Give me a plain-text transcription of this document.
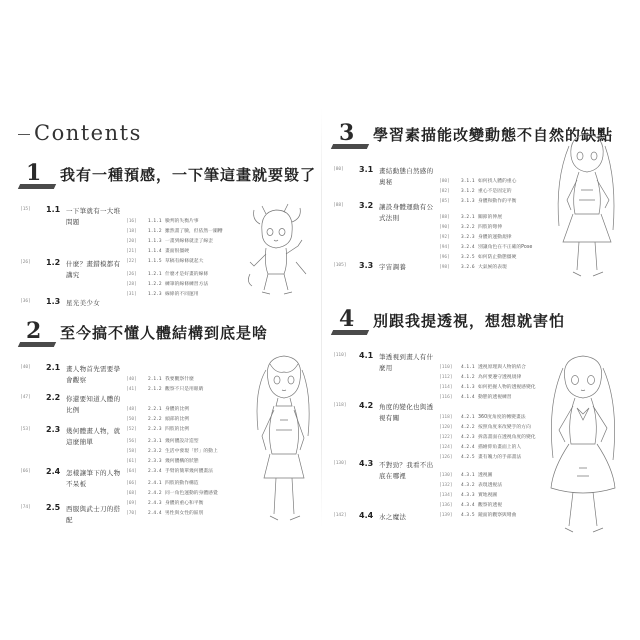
Contents
1 我有一種預感，一下筆這畫就要毀了
[15]	1.1 一下筆就有一大堆問題	[16] 1.1.1 臉判的失衡片事
[18] 1.1.2 雖然畫了臉，但依然一團糟
[20] 1.1.3 一畫到線條就歪了線歪
[21] 1.1.4 畫面很僵硬
[22] 1.1.5 草稿有線條就起大
[26]	1.2 什麼？畫錯模都有講究	[26] 1.2.1 什麼才是好畫的線條
[28] 1.2.2 練筆的線條練習方法
[31] 1.2.3 線條的不同運用
[36]	1.3 星光美少女
2 至今搞不懂人體結構到底是啥
[40]	2.1 畫人物首先需要學會觀察	[40] 2.1.1 我要觀察什麼
[41] 2.1.2 觀察不只是用眼睛
[47]	2.2 你還要知道人體的比例	[48] 2.2.1 身體的比例
[50] 2.2.2 頭部的比例
[52] 2.2.3 四肢的比例
[53]	2.3 幾何體畫人物，就這麼簡單	[56] 2.3.1 幾何體設計造型
[58] 2.3.2 生活中發現「形」的動上
[61] 2.3.3 幾何體構的狀態
[64] 2.3.4 手臂的簡單幾何體畫法
[66]	2.4 怎樣讓筆下的人物不呆板	[66] 2.4.1 四肢的動作構造
[68] 2.4.2 同一角色運動的身體感覺
[69] 2.4.3 身體的重心和平衡
[70] 2.4.4 男性與女性的區別
[74]	2.5 西服與武士刀的搭配
3 學習素描能改變動態不自然的缺點
[80]	3.1 畫結動態自然感的奧秘	[80] 3.1.1 如何找人體的重心
[82] 3.1.2 重心不是固定的
[85] 3.1.3 身體和動作的平衡
[88]	3.2 讓設身體運動有公式法則	[88] 3.2.1 關節的伸展
[90] 3.2.2 四肢的彎伸
[92] 3.2.3 身體的運動規律
[94] 3.2.4 別讓角色在不正確的Pose
[96] 3.2.5 如何防止動態僵硬
[98] 3.2.6 大氣候的表現
[105]	3.3 宇宙調養
4 別跟我提透視，想想就害怕
[110]	4.1 筆透視到畫人有什麼用	[110] 4.1.1 透視原理與人物的結合
[112] 4.1.2 為何要遵守透視規律
[114] 4.1.3 如何把握人物的透視感變化
[116] 4.1.4 動態的透視練習
[118]	4.2 角度的變化也與透視有關	[118] 4.2.1 360度角度的轉變畫法
[120] 4.2.2 按照角度來改變手的方向
[122] 4.2.3 拆落畫面在透視角度的變化
[124] 4.2.4 描繪仰角畫面上的人
[126] 4.2.5 畫有魄力的手部畫法
[130]	4.3 不對勁？我看不出底在哪裡	[130] 4.3.1 透視圖
[132] 4.3.2 表現透視法
[134] 4.3.3 實地視圖
[136] 4.3.4 觀察的透視
[139] 4.3.5 鏡面的觀察與彎曲
[142]	4.4 水之魔法
